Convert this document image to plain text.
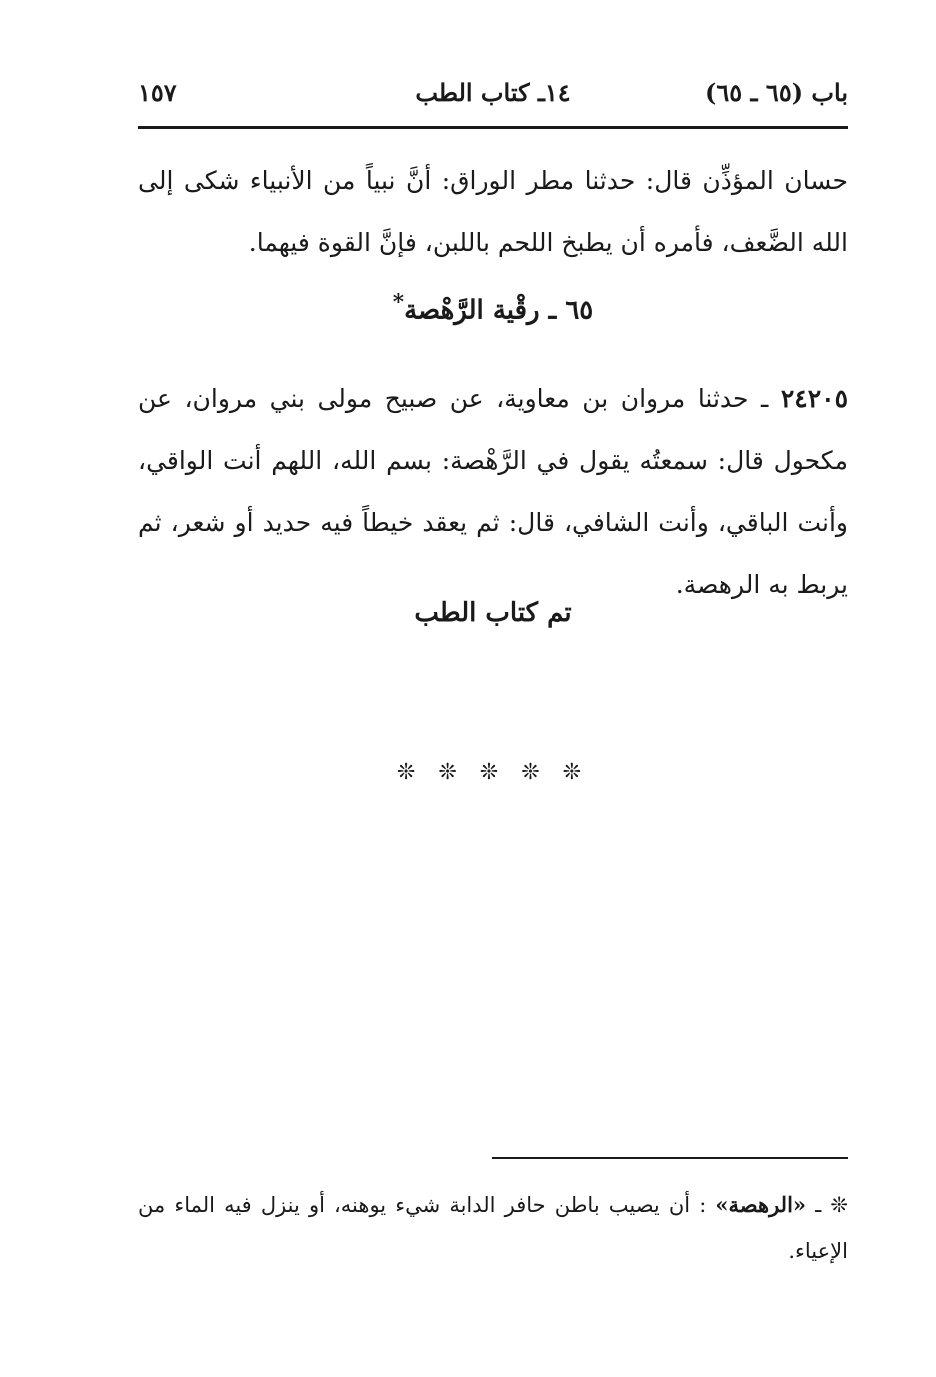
باب (٦٥ ـ ٦٥)
١٤ـ كتاب الطب
١٥٧
حسان المؤذِّن قال: حدثنا مطر الوراق: أنَّ نبياً من الأنبياء شكى إلى الله الضَّعف، فأمره أن يطبخ اللحم باللبن، فإنَّ القوة فيهما.
٦٥ ـ رقْية الرَّهْصة*
٢٤٢٠٥ ـ حدثنا مروان بن معاوية، عن صبيح مولى بني مروان، عن مكحول قال: سمعتُه يقول في الرَّهْصة: بسم الله، اللهم أنت الواقي، وأنت الباقي، وأنت الشافي، قال: ثم يعقد خيطاً فيه حديد أو شعر، ثم يربط به الرهصة.
تم كتاب الطب
❊ ❊ ❊ ❊ ❊
❊ ـ «الرهصة» : أن يصيب باطن حافر الدابة شيء يوهنه، أو ينزل فيه الماء من الإعياء.
